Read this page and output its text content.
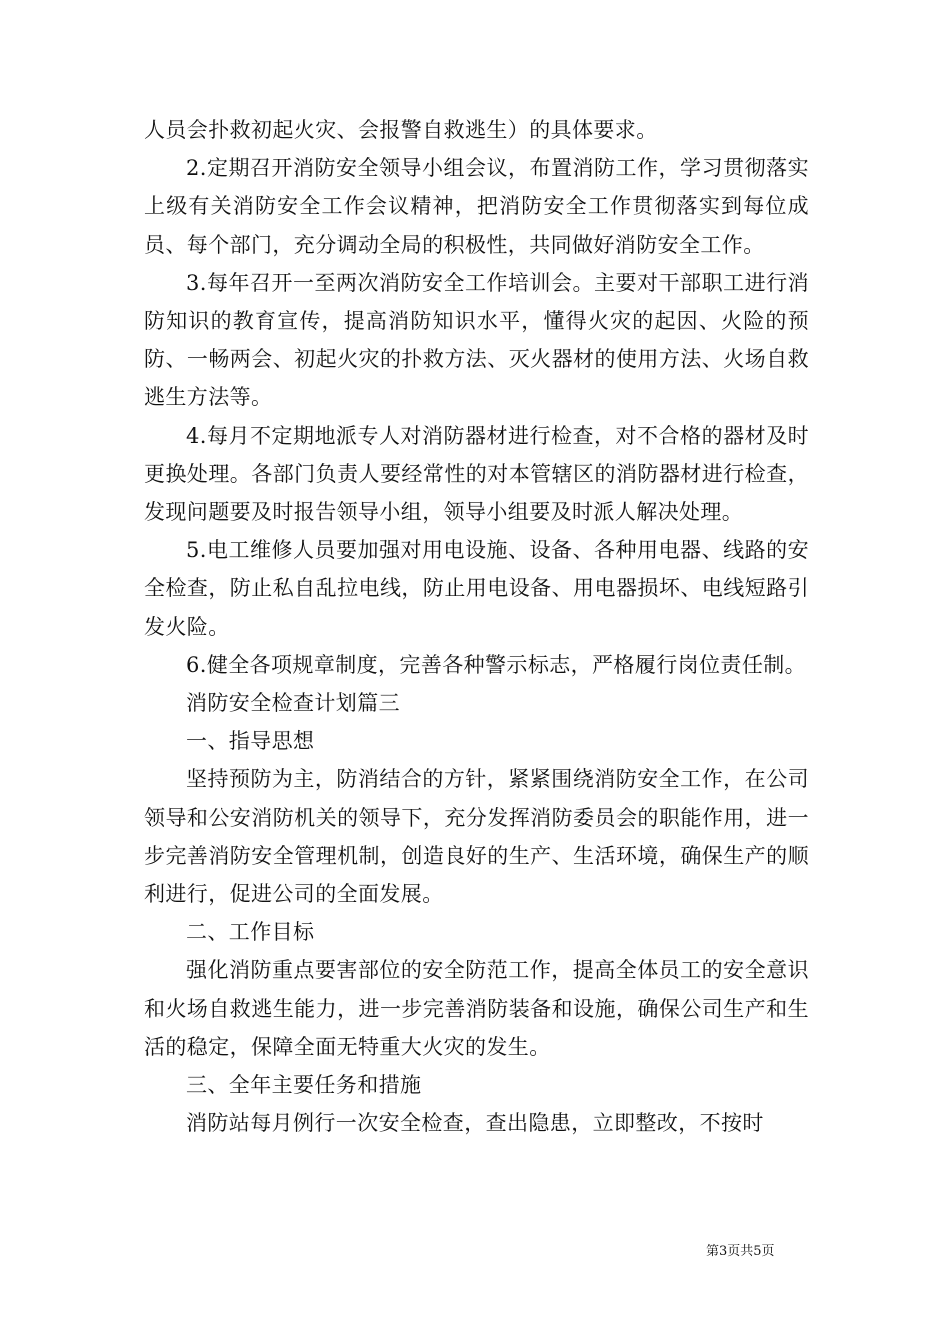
人员会扑救初起火灾、会报警自救逃生）的具体要求。

2.定期召开消防安全领导小组会议，布置消防工作，学习贯彻落实上级有关消防安全工作会议精神，把消防安全工作贯彻落实到每位成员、每个部门，充分调动全局的积极性，共同做好消防安全工作。

3.每年召开一至两次消防安全工作培训会。主要对干部职工进行消防知识的教育宣传，提高消防知识水平，懂得火灾的起因、火险的预防、一畅两会、初起火灾的扑救方法、灭火器材的使用方法、火场自救逃生方法等。

4.每月不定期地派专人对消防器材进行检查，对不合格的器材及时更换处理。各部门负责人要经常性的对本管辖区的消防器材进行检查，发现问题要及时报告领导小组，领导小组要及时派人解决处理。

5.电工维修人员要加强对用电设施、设备、各种用电器、线路的安全检查，防止私自乱拉电线，防止用电设备、用电器损坏、电线短路引发火险。

6.健全各项规章制度，完善各种警示标志，严格履行岗位责任制。

消防安全检查计划篇三

一、指导思想

坚持预防为主，防消结合的方针，紧紧围绕消防安全工作，在公司领导和公安消防机关的领导下，充分发挥消防委员会的职能作用，进一步完善消防安全管理机制，创造良好的生产、生活环境，确保生产的顺利进行，促进公司的全面发展。

二、工作目标

强化消防重点要害部位的安全防范工作，提高全体员工的安全意识和火场自救逃生能力，进一步完善消防装备和设施，确保公司生产和生活的稳定，保障全面无特重大火灾的发生。

三、全年主要任务和措施

消防站每月例行一次安全检查，查出隐患，立即整改，不按时

第3页共5页
